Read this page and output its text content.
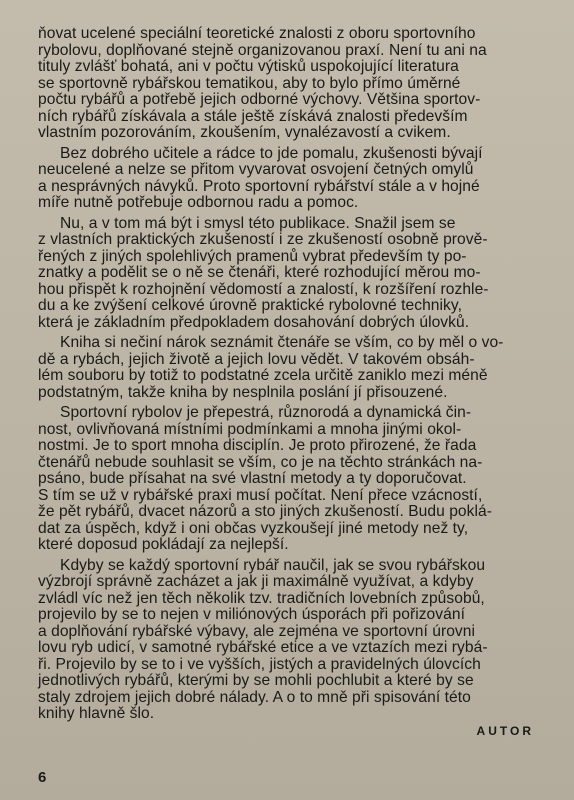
ňovat ucelené speciální teoretické znalosti z oboru sportovního
rybolovu, doplňované stejně organizovanou praxí. Není tu ani na
tituly zvlášť bohatá, ani v počtu výtisků uspokojující literatura
se sportovně rybářskou tematikou, aby to bylo přímo úměrné
počtu rybářů a potřebě jejich odborné výchovy. Většina sportov-
ních rybářů získávala a stále ještě získává znalosti především
vlastním pozorováním, zkoušením, vynalézavostí a cvikem.
Bez dobrého učitele a rádce to jde pomalu, zkušenosti bývají
neucelené a nelze se přitom vyvarovat osvojení četných omylů
a nesprávných návyků. Proto sportovní rybářství stále a v hojné
míře nutně potřebuje odbornou radu a pomoc.
Nu, a v tom má být i smysl této publikace. Snažil jsem se
z vlastních praktických zkušeností i ze zkušeností osobně prově-
řených z jiných spolehlivých pramenů vybrat především ty po-
znatky a podělit se o ně se čtenáři, které rozhodující měrou mo-
hou přispět k rozhojnění vědomostí a znalostí, k rozšíření rozhle-
du a ke zvýšení celkové úrovně praktické rybolovné techniky,
která je základním předpokladem dosahování dobrých úlovků.
Kniha si nečiní nárok seznámit čtenáře se vším, co by měl o vo-
dě a rybách, jejich životě a jejich lovu vědět. V takovém obsáh-
lém souboru by totiž to podstatné zcela určitě zaniklo mezi méně
podstatným, takže kniha by nesplnila poslání jí přisouzené.
Sportovní rybolov je přepestrá, různorodá a dynamická čin-
nost, ovlivňovaná místními podmínkami a mnoha jinými okol-
nostmi. Je to sport mnoha disciplín. Je proto přirozené, že řada
čtenářů nebude souhlasit se vším, co je na těchto stránkách na-
psáno, bude přísahat na své vlastní metody a ty doporučovat.
S tím se už v rybářské praxi musí počítat. Není přece vzácností,
že pět rybářů, dvacet názorů a sto jiných zkušeností. Budu poklá-
dat za úspěch, když i oni občas vyzkoušejí jiné metody než ty,
které doposud pokládají za nejlepší.
Kdyby se každý sportovní rybář naučil, jak se svou rybářskou
výzbrojí správně zacházet a jak ji maximálně využívat, a kdyby
zvládl víc než jen těch několik tzv. tradičních lovebních způsobů,
projevilo by se to nejen v miliónových úsporách při pořizování
a doplňování rybářské výbavy, ale zejména ve sportovní úrovni
lovu ryb udicí, v samotné rybářské etice a ve vztazích mezi rybá-
ři. Projevilo by se to i ve vyšších, jistých a pravidelných úlovcích
jednotlivých rybářů, kterými by se mohli pochlubit a které by se
staly zdrojem jejich dobré nálady. A o to mně při spisování této
knihy hlavně šlo.
AUTOR
6
